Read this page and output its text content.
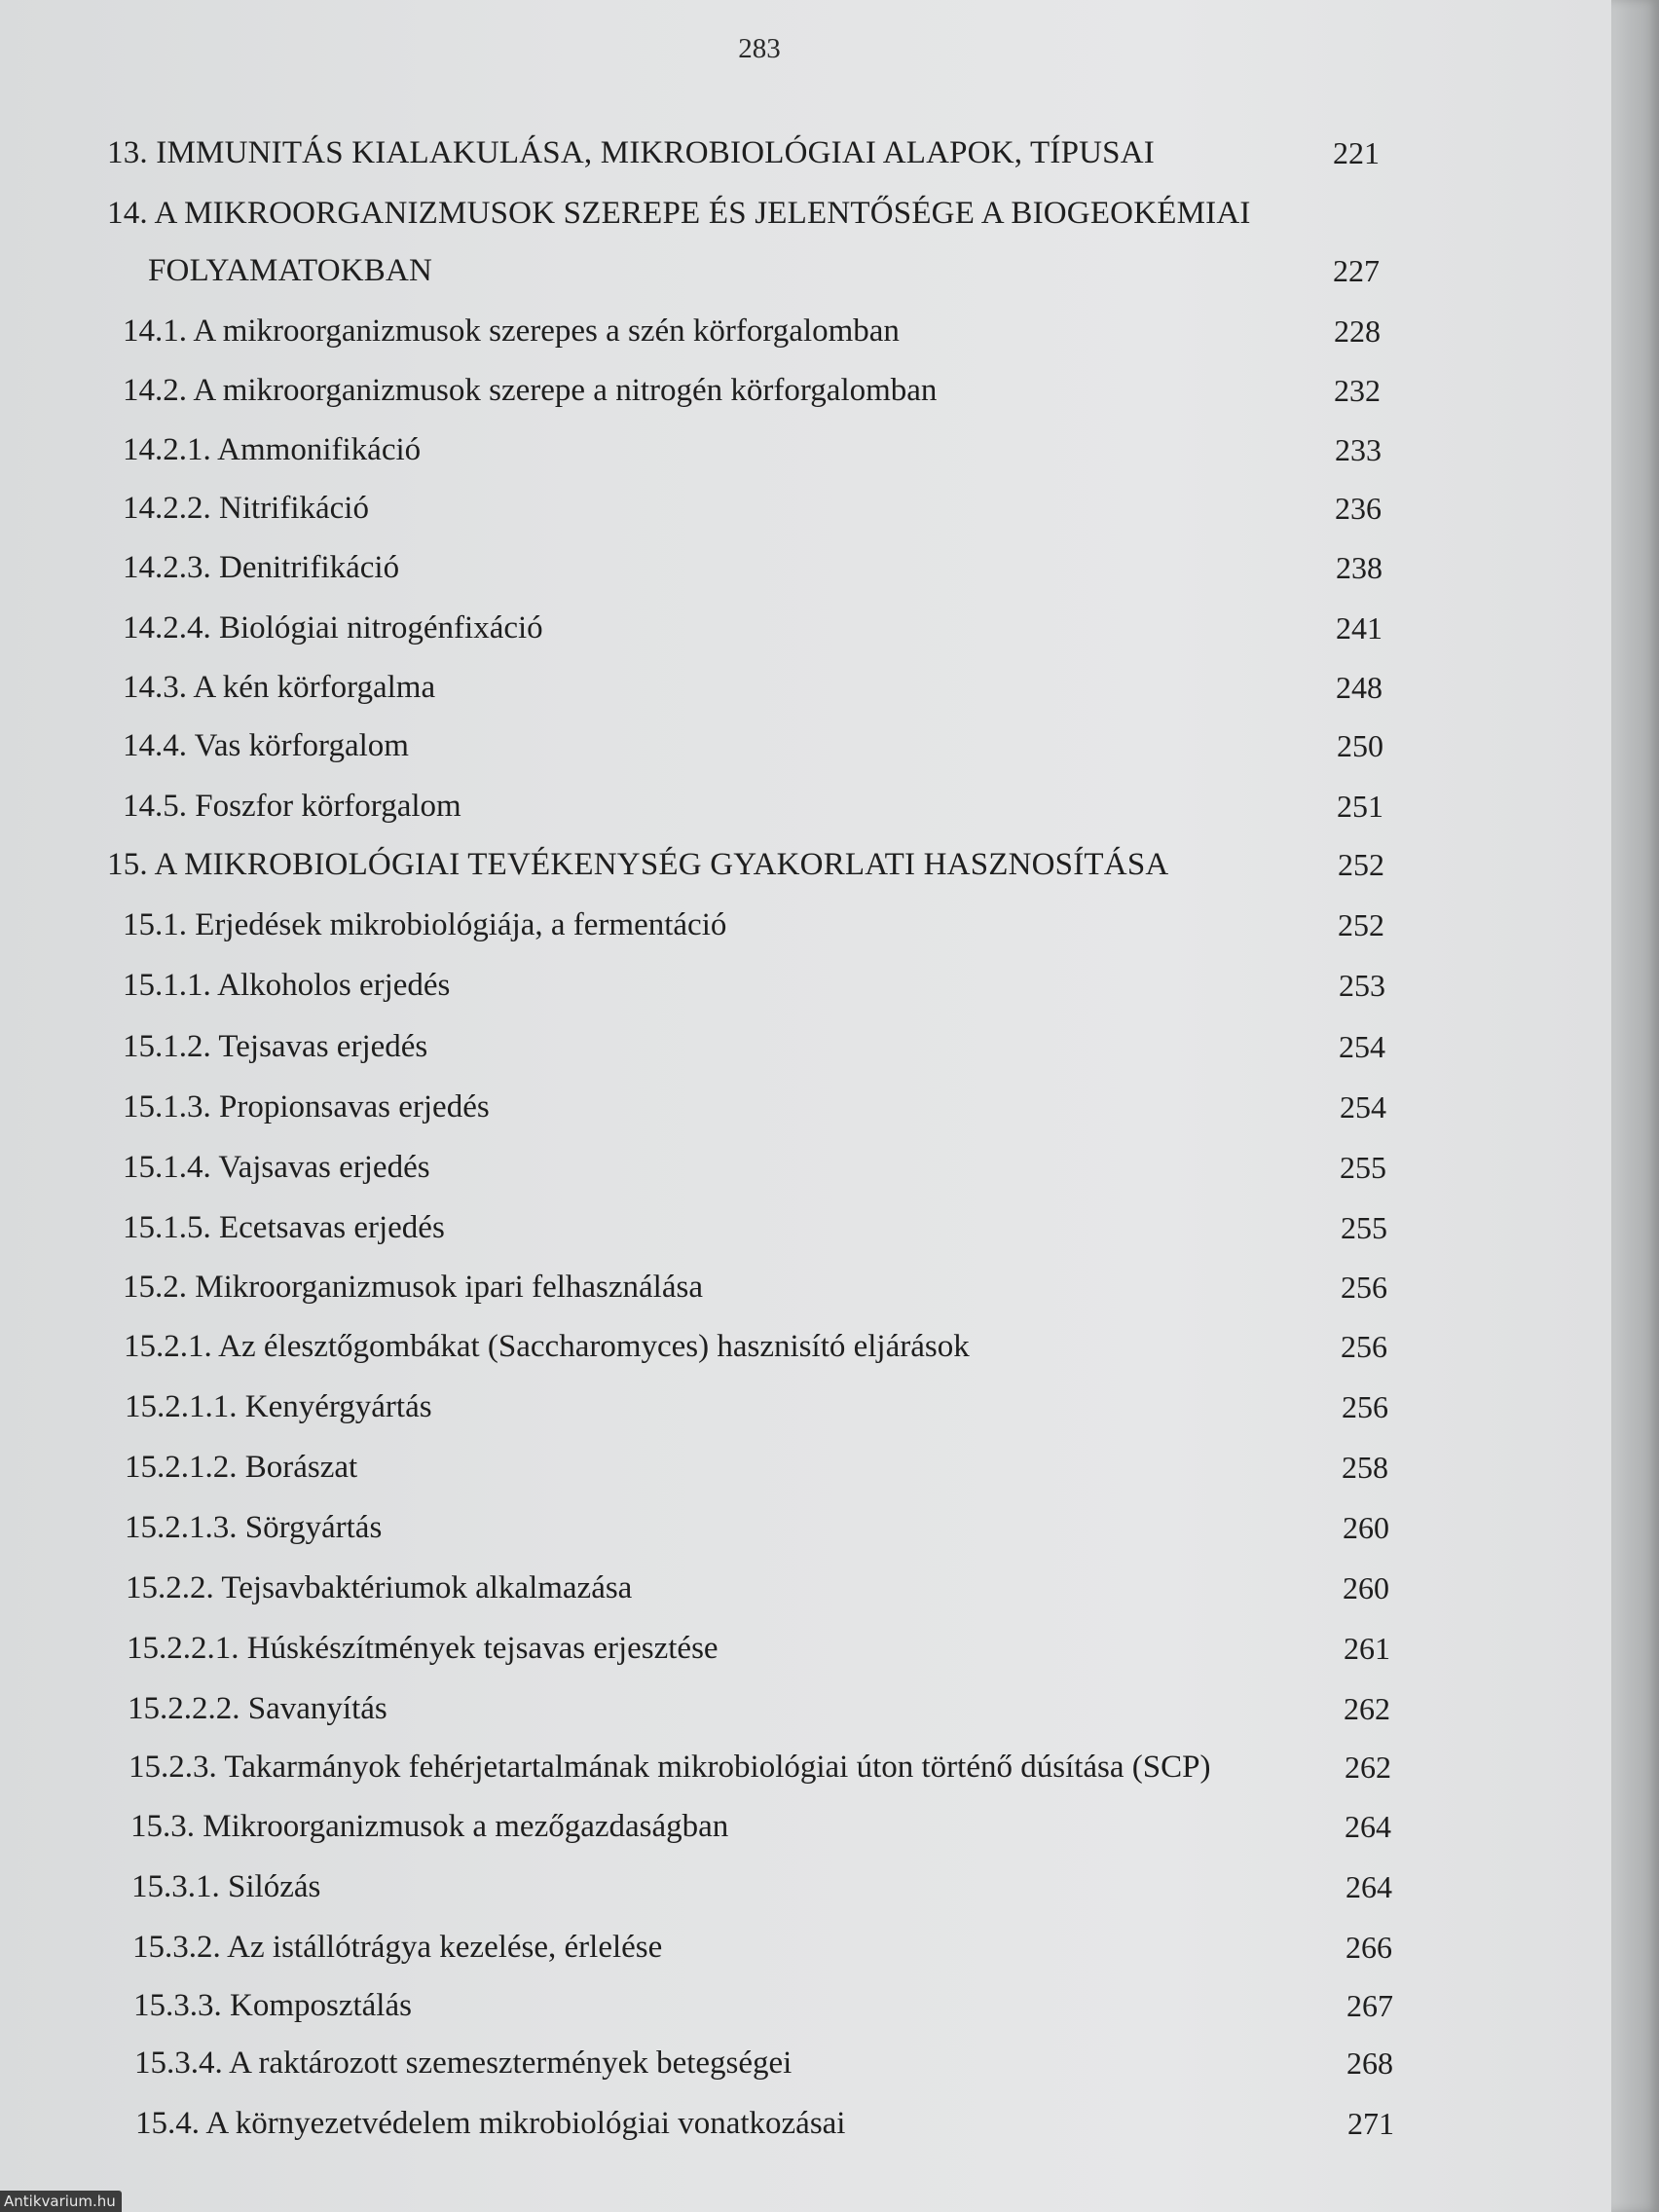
283
13. IMMUNITÁS KIALAKULÁSA, MIKROBIOLÓGIAI ALAPOK, TÍPUSAI	221
14. A MIKROORGANIZMUSOK SZEREPE ÉS JELENTŐSÉGE A BIOGEOKÉMIAI
FOLYAMATOKBAN	227
14.1. A mikroorganizmusok szerepes a szén körforgalomban	228
14.2. A mikroorganizmusok szerepe a nitrogén körforgalomban	232
14.2.1. Ammonifikáció	233
14.2.2. Nitrifikáció	236
14.2.3. Denitrifikáció	238
14.2.4. Biológiai nitrogénfixáció	241
14.3. A kén körforgalma	248
14.4. Vas körforgalom	250
14.5. Foszfor körforgalom	251
15. A MIKROBIOLÓGIAI TEVÉKENYSÉG GYAKORLATI HASZNOSÍTÁSA	252
15.1. Erjedések mikrobiológiája, a fermentáció	252
15.1.1. Alkoholos erjedés	253
15.1.2. Tejsavas erjedés	254
15.1.3. Propionsavas erjedés	254
15.1.4. Vajsavas erjedés	255
15.1.5. Ecetsavas erjedés	255
15.2. Mikroorganizmusok ipari felhasználása	256
15.2.1. Az élesztőgombákat (Saccharomyces) hasznisító eljárások	256
15.2.1.1. Kenyérgyártás	256
15.2.1.2. Borászat	258
15.2.1.3. Sörgyártás	260
15.2.2. Tejsavbaktériumok alkalmazása	260
15.2.2.1. Húskészítmények tejsavas erjesztése	261
15.2.2.2. Savanyítás	262
15.2.3. Takarmányok fehérjetartalmának mikrobiológiai úton történő dúsítása (SCP)	262
15.3. Mikroorganizmusok a mezőgazdaságban	264
15.3.1. Silózás	264
15.3.2. Az istállótrágya kezelése, érlelése	266
15.3.3. Komposztálás	267
15.3.4. A raktározott szemesztermények betegségei	268
15.4. A környezetvédelem mikrobiológiai vonatkozásai	271
Antikvarium.hu
